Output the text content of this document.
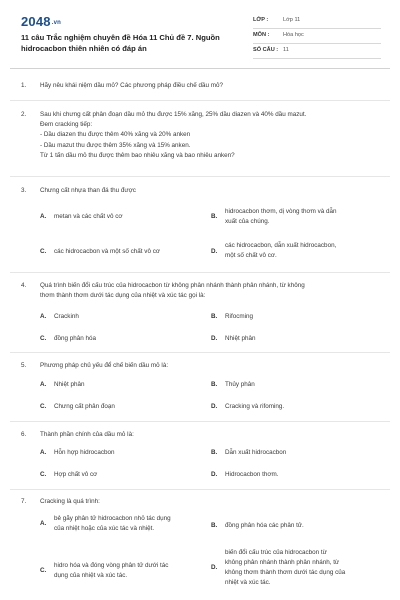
2048.vn
11 câu Trắc nghiệm chuyên đề Hóa 11 Chủ đề 7. Nguồn
hidrocacbon thiên nhiên có đáp án
LỚP :	Lớp 11
MÔN : Hóa học
SỐ CÂU : 11
1. Hãy nêu khái niệm dầu mỏ? Các phương pháp điều chế dầu mỏ?
2. Sau khi chưng cất phân đoạn dầu mỏ thu được 15% xăng, 25% dầu diazen và 40% dầu mazut.
Đem cracking tiếp:
- Dầu diazen thu được thêm 40% xăng và 20% anken
- Dầu mazut thu được thêm 35% xăng và 15% anken.
Từ 1 tấn dầu mỏ thu được thêm bao nhiêu xăng và bao nhiêu anken?
3. Chưng cất nhựa than đá thu được
A. metan và các chất vô cơ	B.
hidrocacbon thơm, dị vòng thơm và dẫn
xuất của chúng.
C. các hidrocacbon và một số chất vô cơ	D.
các hidrocacbon, dẫn xuất hidrocacbon,
một số chất vô cơ.
4. Quá trình biến đổi cấu trúc của hidrocacbon từ không phân nhánh thành phân nhánh, từ không
thơm thành thơm dưới tác dụng của nhiệt và xúc tác gọi là:
A. Crackinh	B. Rifocming
C. đồng phân hóa	D. Nhiệt phân
5. Phương pháp chủ yếu để chế biến dầu mỏ là:
A. Nhiệt phân	B. Thủy phân
C. Chưng cất phân đoạn	D. Cracking và rifoming.
6. Thành phần chính của dầu mỏ là:
A. Hỗn hợp hidrocacbon	B. Dẫn xuất hidrocacbon
C. Hợp chất vô cơ	D. Hidrocacbon thơm.
7. Cracking là quá trình:
A.
bẻ gãy phân tử hidrocacbon nhỏ tác dụng
của nhiệt hoặc của xúc tác và nhiệt.	B. đồng phân hóa các phân tử.
C.
hidro hóa và đóng vòng phân tử dưới tác
dụng của nhiệt và xúc tác.
D.
biến đổi cấu trúc của hidrocacbon từ
không phân nhánh thành phân nhánh, từ
không thơm thành thơm dưới tác dụng của
nhiệt và xúc tác.
